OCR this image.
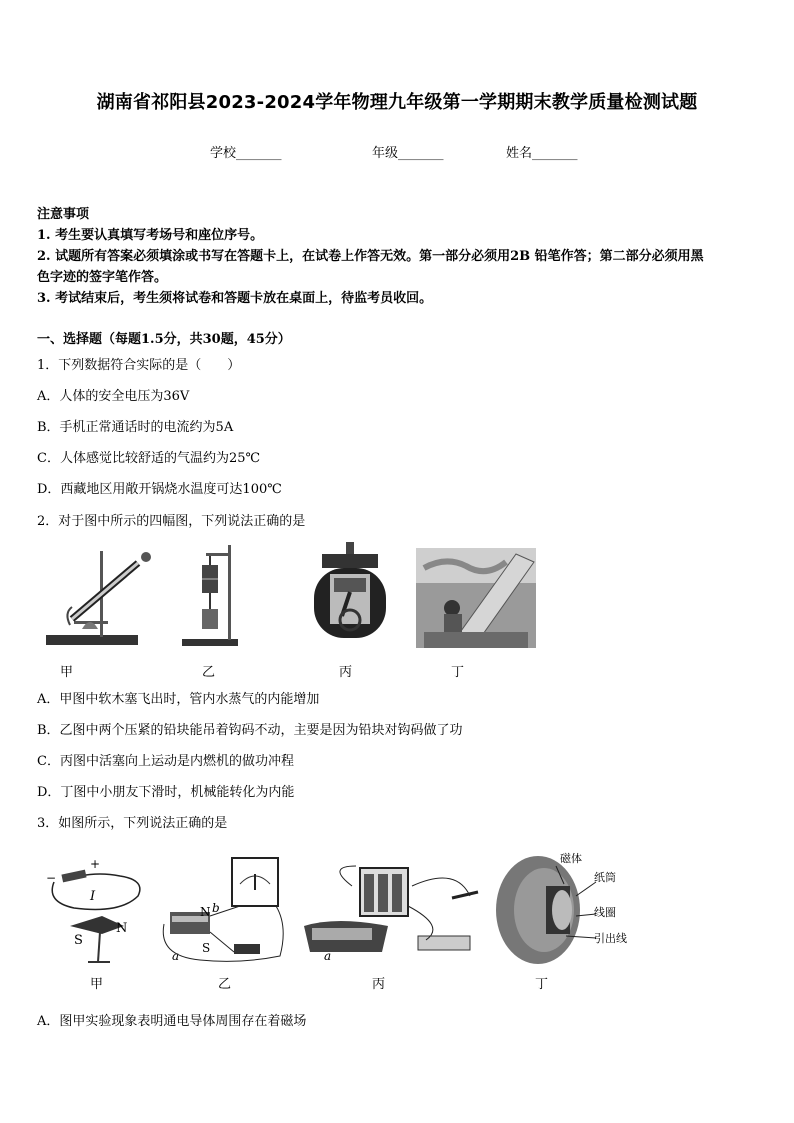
湖南省祁阳县2023-2024学年物理九年级第一学期期末教学质量检测试题
学校_______	年级_______	姓名_______
注意事项
1. 考生要认真填写考场号和座位序号。
2. 试题所有答案必须填涂或书写在答题卡上，在试卷上作答无效。第一部分必须用2B 铅笔作答；第二部分必须用黑
色字迹的签字笔作答。
3. 考试结束后，考生须将试卷和答题卡放在桌面上，待监考员收回。
一、选择题（每题1.5分，共30题，45分）
1．下列数据符合实际的是（　　）
A．人体的安全电压为36V
B．手机正常通话时的电流约为5A
C．人体感觉比较舒适的气温约为25℃
D．西藏地区用敞开锅烧水温度可达100℃
2．对于图中所示的四幅图，下列说法正确的是
甲	乙	丙	丁
A．甲图中软木塞飞出时，管内水蒸气的内能增加
B．乙图中两个压紧的铅块能吊着钩码不动，主要是因为铅块对钩码做了功
C．丙图中活塞向上运动是内燃机的做功冲程
D．丁图中小朋友下滑时，机械能转化为内能
3．如图所示，下列说法正确的是
−
+
I
S
N
N
S
a
b
a
磁体
纸筒
线圈
引出线
甲	乙	丙	丁
A．图甲实验现象表明通电导体周围存在着磁场
